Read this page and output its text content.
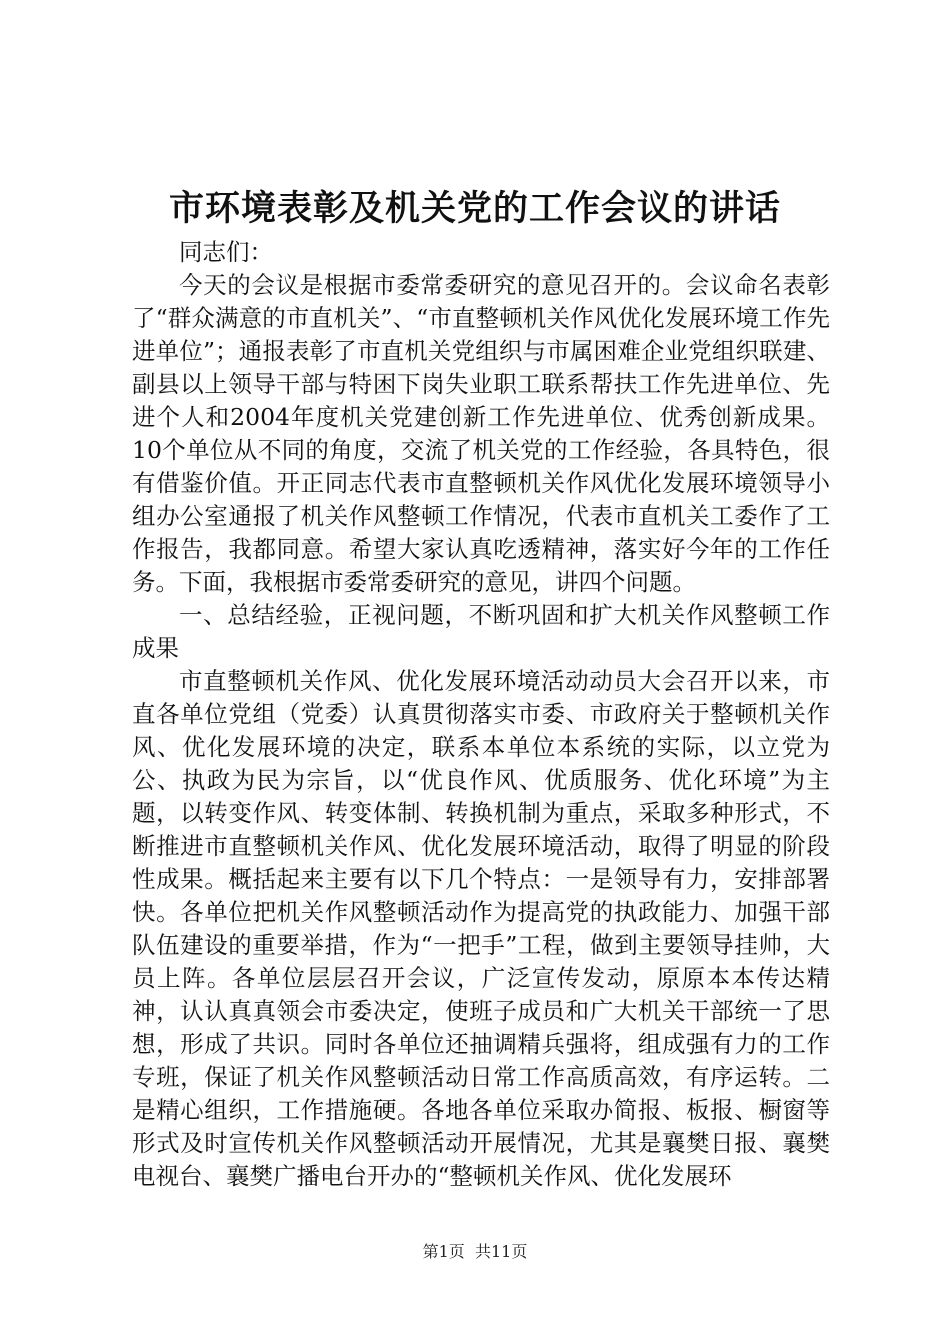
市环境表彰及机关党的工作会议的讲话

同志们：

今天的会议是根据市委常委研究的意见召开的。会议命名表彰了“群众满意的市直机关”、“市直整顿机关作风优化发展环境工作先进单位”；通报表彰了市直机关党组织与市属困难企业党组织联建、副县以上领导干部与特困下岗失业职工联系帮扶工作先进单位、先进个人和2004年度机关党建创新工作先进单位、优秀创新成果。10个单位从不同的角度，交流了机关党的工作经验，各具特色，很有借鉴价值。开正同志代表市直整顿机关作风优化发展环境领导小组办公室通报了机关作风整顿工作情况，代表市直机关工委作了工作报告，我都同意。希望大家认真吃透精神，落实好今年的工作任务。下面，我根据市委常委研究的意见，讲四个问题。

一、总结经验，正视问题，不断巩固和扩大机关作风整顿工作成果

市直整顿机关作风、优化发展环境活动动员大会召开以来，市直各单位党组（党委）认真贯彻落实市委、市政府关于整顿机关作风、优化发展环境的决定，联系本单位本系统的实际，以立党为公、执政为民为宗旨，以“优良作风、优质服务、优化环境”为主题，以转变作风、转变体制、转换机制为重点，采取多种形式，不断推进市直整顿机关作风、优化发展环境活动，取得了明显的阶段性成果。概括起来主要有以下几个特点：一是领导有力，安排部署快。各单位把机关作风整顿活动作为提高党的执政能力、加强干部队伍建设的重要举措，作为“一把手”工程，做到主要领导挂帅，大员上阵。各单位层层召开会议，广泛宣传发动，原原本本传达精神，认认真真领会市委决定，使班子成员和广大机关干部统一了思想，形成了共识。同时各单位还抽调精兵强将，组成强有力的工作专班，保证了机关作风整顿活动日常工作高质高效，有序运转。二是精心组织，工作措施硬。各地各单位采取办简报、板报、橱窗等形式及时宣传机关作风整顿活动开展情况，尤其是襄樊日报、襄樊电视台、襄樊广播电台开办的“整顿机关作风、优化发展环

第1页 共11页
